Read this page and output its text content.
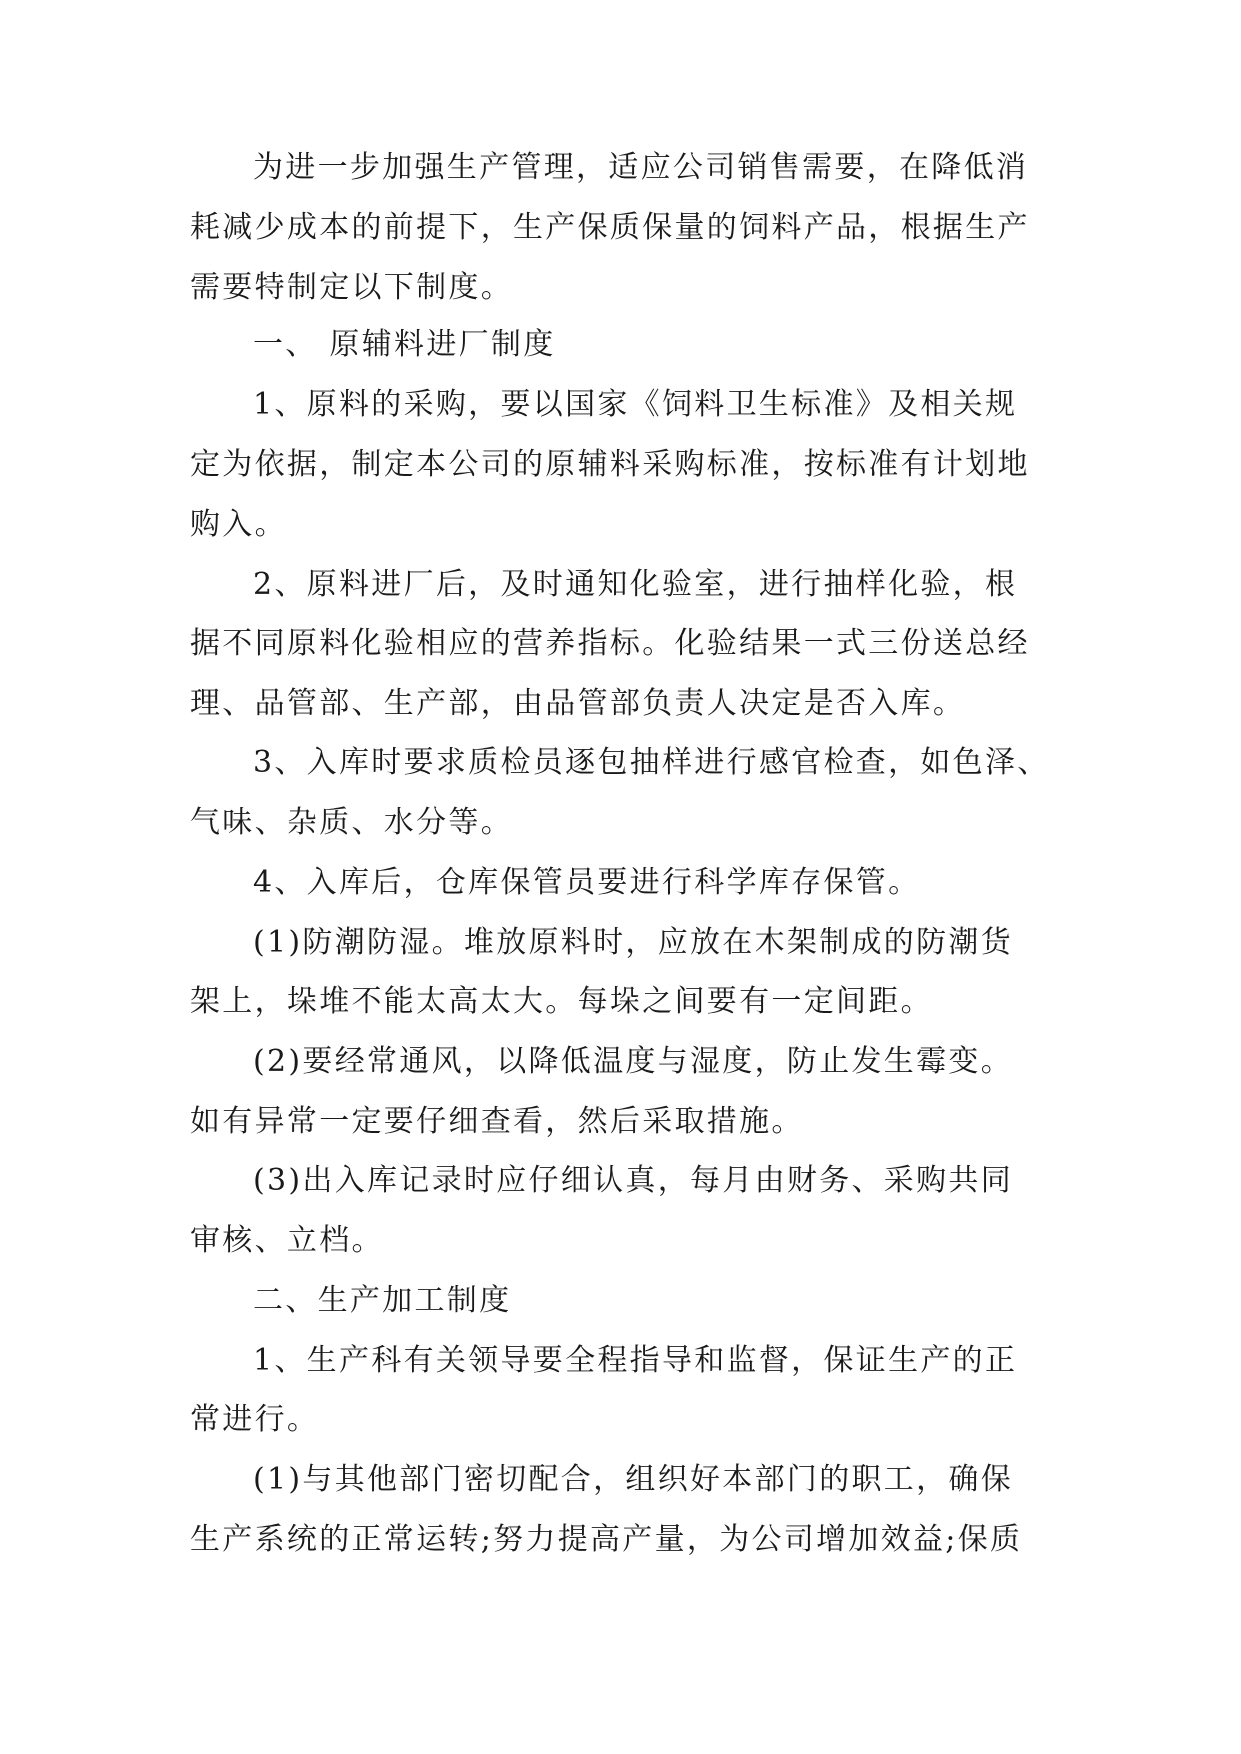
为进一步加强生产管理，适应公司销售需要，在降低消
耗减少成本的前提下，生产保质保量的饲料产品，根据生产
需要特制定以下制度。
一、 原辅料进厂制度
1、原料的采购，要以国家《饲料卫生标准》及相关规
定为依据，制定本公司的原辅料采购标准，按标准有计划地
购入。
2、原料进厂后，及时通知化验室，进行抽样化验，根
据不同原料化验相应的营养指标。化验结果一式三份送总经
理、品管部、生产部，由品管部负责人决定是否入库。
3、入库时要求质检员逐包抽样进行感官检查，如色泽、
气味、杂质、水分等。
4、入库后，仓库保管员要进行科学库存保管。
(1)防潮防湿。堆放原料时，应放在木架制成的防潮货
架上，垛堆不能太高太大。每垛之间要有一定间距。
(2)要经常通风，以降低温度与湿度，防止发生霉变。
如有异常一定要仔细查看，然后采取措施。
(3)出入库记录时应仔细认真，每月由财务、采购共同
审核、立档。
二、生产加工制度
1、生产科有关领导要全程指导和监督，保证生产的正
常进行。
(1)与其他部门密切配合，组织好本部门的职工，确保
生产系统的正常运转;努力提高产量，为公司增加效益;保质
